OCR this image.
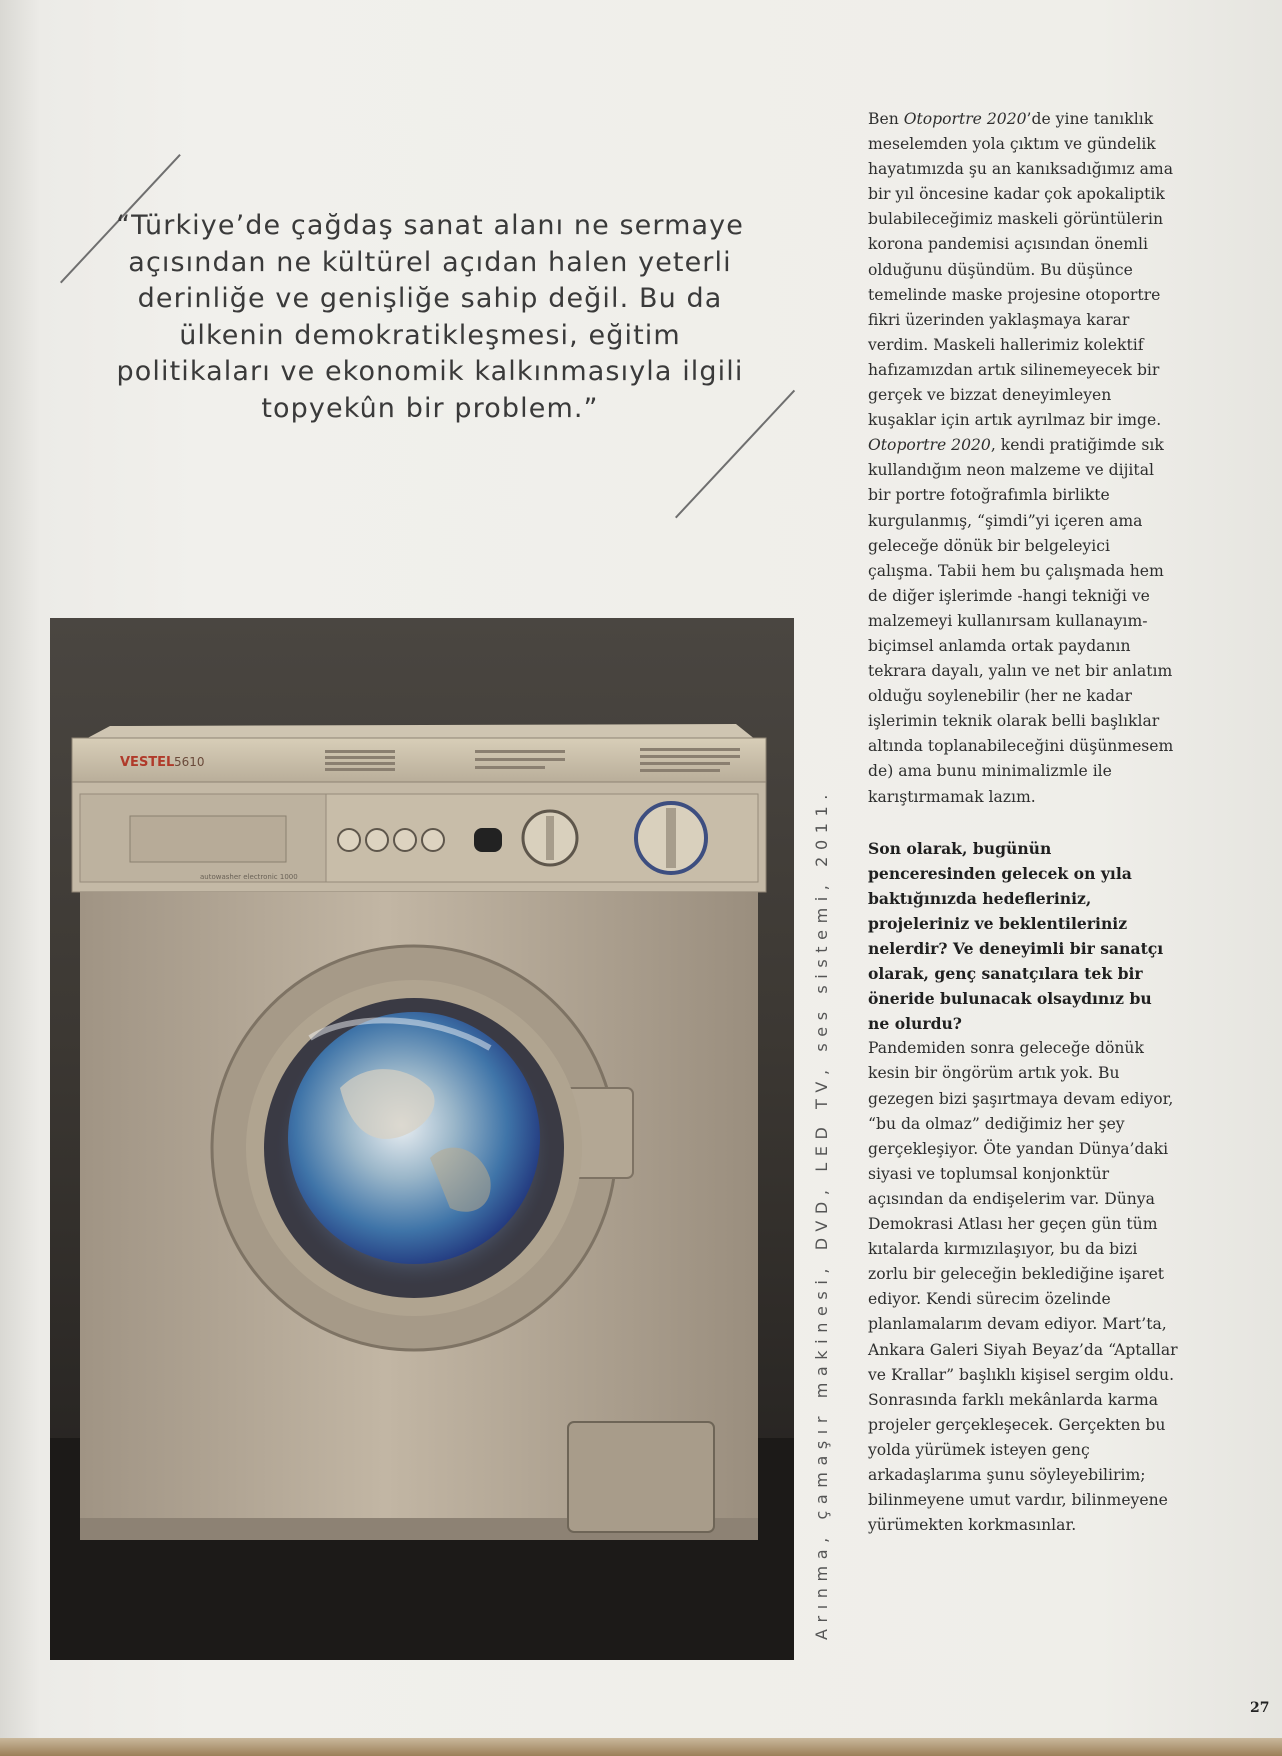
“Türkiye’de çağdaş sanat alanı ne sermaye açısından ne kültürel açıdan halen yeterli derinliğe ve genişliğe sahip değil. Bu da ülkenin demokratikleşmesi, eğitim politikaları ve ekonomik kalkınmasıyla ilgili topyekûn bir problem.”

VESTEL 5610
autowasher electronic 1000	Arınma, çamaşır makinesi, DVD, LED TV, ses sistemi, 2011.

Ben Otoportre 2020’de yine tanıklık meselemden yola çıktım ve gündelik hayatımızda şu an kanıksadığımız ama bir yıl öncesine kadar çok apokaliptik bulabileceğimiz maskeli görüntülerin korona pandemisi açısından önemli olduğunu düşündüm. Bu düşünce temelinde maske projesine otoportre fikri üzerinden yaklaşmaya karar verdim. Maskeli hallerimiz kolektif hafızamızdan artık silinemeyecek bir gerçek ve bizzat deneyimleyen kuşaklar için artık ayrılmaz bir imge. Otoportre 2020, kendi pratiğimde sık kullandığım neon malzeme ve dijital bir portre fotoğrafımla birlikte kurgulanmış, “şimdi”yi içeren ama geleceğe dönük bir belgeleyici çalışma. Tabii hem bu çalışmada hem de diğer işlerimde -hangi tekniği ve malzemeyi kullanırsam kullanayım- biçimsel anlamda ortak paydanın tekrara dayalı, yalın ve net bir anlatım olduğu soylenebilir (her ne kadar işlerimin teknik olarak belli başlıklar altında toplanabileceğini düşünmesem de) ama bunu minimalizmle ile karıştırmamak lazım.

Son olarak, bugünün penceresinden gelecek on yıla baktığınızda hedefleriniz, projeleriniz ve beklentileriniz nelerdir? Ve deneyimli bir sanatçı olarak, genç sanatçılara tek bir öneride bulunacak olsaydınız bu ne olurdu?

Pandemiden sonra geleceğe dönük kesin bir öngörüm artık yok. Bu gezegen bizi şaşırtmaya devam ediyor, “bu da olmaz” dediğimiz her şey gerçekleşiyor. Öte yandan Dünya’daki siyasi ve toplumsal konjonktür açısından da endişelerim var. Dünya Demokrasi Atlası her geçen gün tüm kıtalarda kırmızılaşıyor, bu da bizi zorlu bir geleceğin beklediğine işaret ediyor. Kendi sürecim özelinde planlamalarım devam ediyor. Mart’ta, Ankara Galeri Siyah Beyaz’da “Aptallar ve Krallar” başlıklı kişisel sergim oldu. Sonrasında farklı mekânlarda karma projeler gerçekleşecek. Gerçekten bu yolda yürümek isteyen genç arkadaşlarıma şunu söyleyebilirim; bilinmeyene umut vardır, bilinmeyene yürümekten korkmasınlar.

27
